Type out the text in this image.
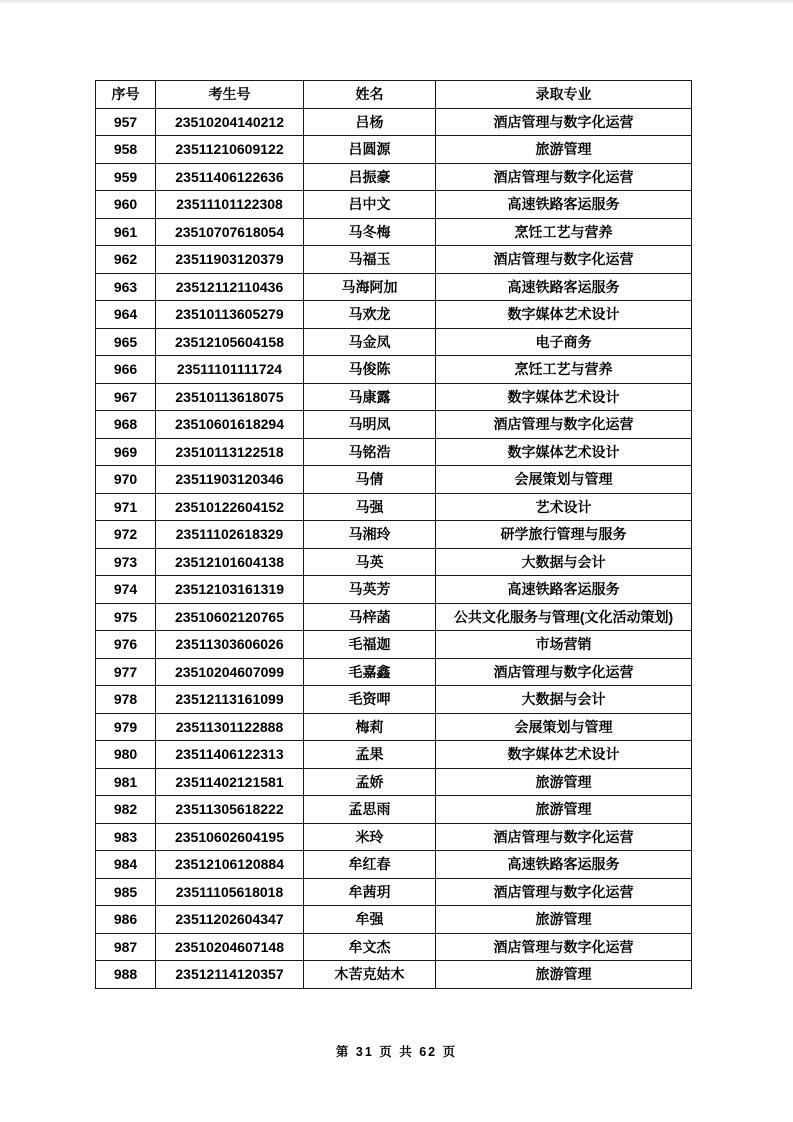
序号	考生号	姓名	录取专业
957	23510204140212	吕杨	酒店管理与数字化运营
958	23511210609122	吕圆源	旅游管理
959	23511406122636	吕振豪	酒店管理与数字化运营
960	23511101122308	吕中文	高速铁路客运服务
961	23510707618054	马冬梅	烹饪工艺与营养
962	23511903120379	马福玉	酒店管理与数字化运营
963	23512112110436	马海阿加	高速铁路客运服务
964	23510113605279	马欢龙	数字媒体艺术设计
965	23512105604158	马金凤	电子商务
966	23511101111724	马俊陈	烹饪工艺与营养
967	23510113618075	马康露	数字媒体艺术设计
968	23510601618294	马明凤	酒店管理与数字化运营
969	23510113122518	马铭浩	数字媒体艺术设计
970	23511903120346	马倩	会展策划与管理
971	23510122604152	马强	艺术设计
972	23511102618329	马湘玲	研学旅行管理与服务
973	23512101604138	马英	大数据与会计
974	23512103161319	马英芳	高速铁路客运服务
975	23510602120765	马梓菡	公共文化服务与管理(文化活动策划)
976	23511303606026	毛福迦	市场营销
977	23510204607099	毛嘉鑫	酒店管理与数字化运营
978	23512113161099	毛资呷	大数据与会计
979	23511301122888	梅莉	会展策划与管理
980	23511406122313	孟果	数字媒体艺术设计
981	23511402121581	孟娇	旅游管理
982	23511305618222	孟思雨	旅游管理
983	23510602604195	米玲	酒店管理与数字化运营
984	23512106120884	牟红春	高速铁路客运服务
985	23511105618018	牟茜玥	酒店管理与数字化运营
986	23511202604347	牟强	旅游管理
987	23510204607148	牟文杰	酒店管理与数字化运营
988	23512114120357	木苦克姑木	旅游管理
第 31 页 共 62 页
